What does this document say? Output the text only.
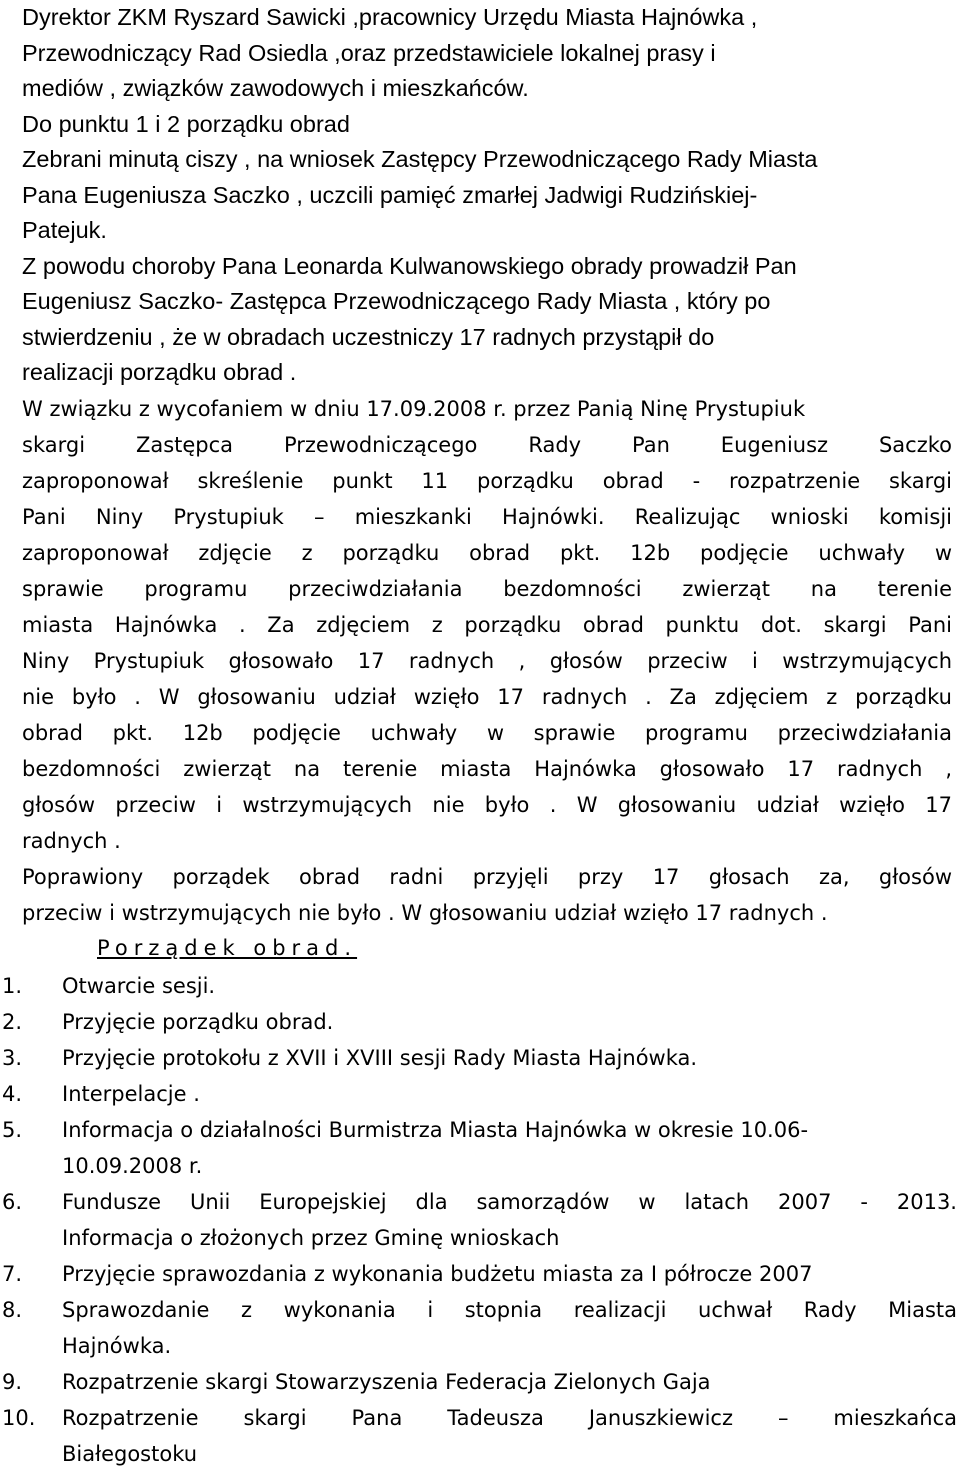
Dyrektor ZKM Ryszard Sawicki ,pracownicy Urzędu Miasta Hajnówka ,
Przewodniczący Rad Osiedla ,oraz przedstawiciele lokalnej prasy i
mediów , związków zawodowych i mieszkańców.
Do punktu 1 i 2 porządku obrad
Zebrani minutą ciszy , na wniosek Zastępcy Przewodniczącego Rady Miasta
Pana Eugeniusza Saczko , uczcili pamięć zmarłej Jadwigi Rudzińskiej-
Patejuk.
Z powodu choroby Pana Leonarda Kulwanowskiego obrady prowadził Pan
Eugeniusz Saczko- Zastępca Przewodniczącego Rady Miasta , który po
stwierdzeniu , że w obradach uczestniczy 17 radnych przystąpił do
realizacji porządku obrad .
W związku z wycofaniem w dniu 17.09.2008 r. przez Panią Ninę Prystupiuk
skargi Zastępca Przewodniczącego Rady Pan Eugeniusz Saczko
zaproponował skreślenie punkt 11 porządku obrad - rozpatrzenie skargi
Pani Niny Prystupiuk – mieszkanki Hajnówki. Realizując wnioski komisji
zaproponował zdjęcie z porządku obrad pkt. 12b podjęcie uchwały w
sprawie programu przeciwdziałania bezdomności zwierząt na terenie
miasta Hajnówka . Za zdjęciem z porządku obrad punktu dot. skargi Pani
Niny Prystupiuk głosowało 17 radnych , głosów przeciw i wstrzymujących
nie było . W głosowaniu udział wzięło 17 radnych . Za zdjęciem z porządku
obrad pkt. 12b podjęcie uchwały w sprawie programu przeciwdziałania
bezdomności zwierząt na terenie miasta Hajnówka głosowało 17 radnych ,
głosów przeciw i wstrzymujących nie było . W głosowaniu udział wzięło 17
radnych .
Poprawiony porządek obrad radni przyjęli przy 17 głosach za, głosów
przeciw i wstrzymujących nie było . W głosowaniu udział wzięło 17 radnych .
Porządek obrad.
1. Otwarcie sesji.
2. Przyjęcie porządku obrad.
3. Przyjęcie protokołu z XVII i XVIII sesji Rady Miasta Hajnówka.
4. Interpelacje .
5. Informacja o działalności Burmistrza Miasta Hajnówka w okresie 10.06-
10.09.2008 r.
6. Fundusze Unii Europejskiej dla samorządów w latach 2007 - 2013.
Informacja o złożonych przez Gminę wnioskach
7. Przyjęcie sprawozdania z wykonania budżetu miasta za I półrocze 2007
8. Sprawozdanie z wykonania i stopnia realizacji uchwał Rady Miasta
Hajnówka.
9. Rozpatrzenie skargi Stowarzyszenia Federacja Zielonych Gaja
10. Rozpatrzenie skargi Pana Tadeusza Januszkiewicz – mieszkańca
Białegostoku
